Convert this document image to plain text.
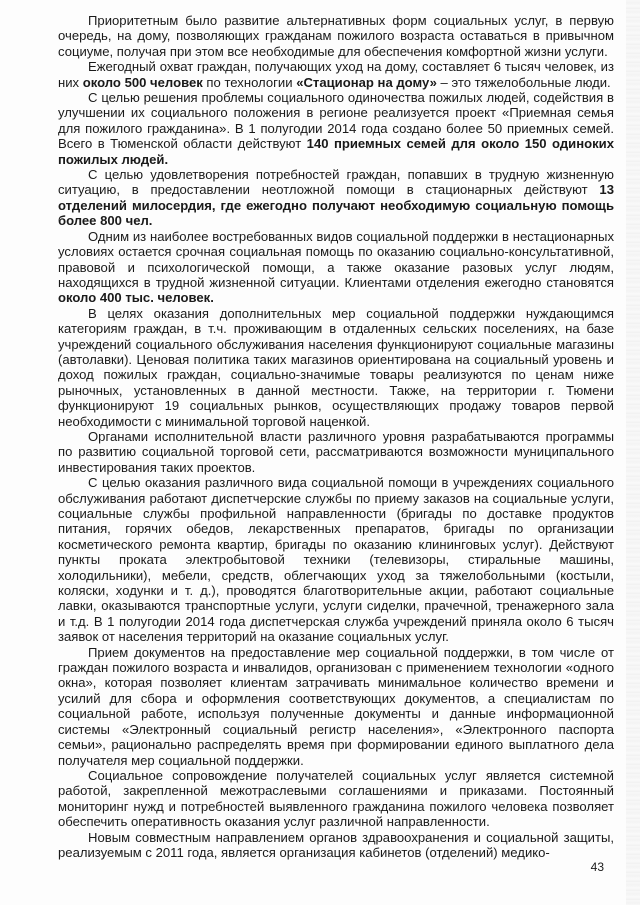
Приоритетным было развитие альтернативных форм социальных услуг, в первую очередь, на дому, позволяющих гражданам пожилого возраста оставаться в привычном социуме, получая при этом все необходимые для обеспечения комфортной жизни услуги.

Ежегодный охват граждан, получающих уход на дому, составляет 6 тысяч человек, из них около 500 человек по технологии «Стационар на дому» – это тяжелобольные люди.

С целью решения проблемы социального одиночества пожилых людей, содействия в улучшении их социального положения в регионе реализуется проект «Приемная семья для пожилого гражданина». В 1 полугодии 2014 года создано более 50 приемных семей. Всего в Тюменской области действуют 140 приемных семей для около 150 одиноких пожилых людей.

С целью удовлетворения потребностей граждан, попавших в трудную жизненную ситуацию, в предоставлении неотложной помощи в стационарных действуют 13 отделений милосердия, где ежегодно получают необходимую социальную помощь более 800 чел.

Одним из наиболее востребованных видов социальной поддержки в нестационарных условиях остается срочная социальная помощь по оказанию социально-консультативной, правовой и психологической помощи, а также оказание разовых услуг людям, находящихся в трудной жизненной ситуации. Клиентами отделения ежегодно становятся около 400 тыс. человек.

В целях оказания дополнительных мер социальной поддержки нуждающимся категориям граждан, в т.ч. проживающим в отдаленных сельских поселениях, на базе учреждений социального обслуживания населения функционируют социальные магазины (автолавки). Ценовая политика таких магазинов ориентирована на социальный уровень и доход пожилых граждан, социально-значимые товары реализуются по ценам ниже рыночных, установленных в данной местности. Также, на территории г. Тюмени функционируют 19 социальных рынков, осуществляющих продажу товаров первой необходимости с минимальной торговой наценкой.

Органами исполнительной власти различного уровня разрабатываются программы по развитию социальной торговой сети, рассматриваются возможности муниципального инвестирования таких проектов.

С целью оказания различного вида социальной помощи в учреждениях социального обслуживания работают диспетчерские службы по приему заказов на социальные услуги, социальные службы профильной направленности (бригады по доставке продуктов питания, горячих обедов, лекарственных препаратов, бригады по организации косметического ремонта квартир, бригады по оказанию клининговых услуг). Действуют пункты проката электробытовой техники (телевизоры, стиральные машины, холодильники), мебели, средств, облегчающих уход за тяжелобольными (костыли, коляски, ходунки и т. д.), проводятся благотворительные акции, работают социальные лавки, оказываются транспортные услуги, услуги сиделки, прачечной, тренажерного зала и т.д. В 1 полугодии 2014 года диспетчерская служба учреждений приняла около 6 тысяч заявок от населения территорий на оказание социальных услуг.

Прием документов на предоставление мер социальной поддержки, в том числе от граждан пожилого возраста и инвалидов, организован с применением технологии «одного окна», которая позволяет клиентам затрачивать минимальное количество времени и усилий для сбора и оформления соответствующих документов, а специалистам по социальной работе, используя полученные документы и данные информационной системы «Электронный социальный регистр населения», «Электронного паспорта семьи», рационально распределять время при формировании единого выплатного дела получателя мер социальной поддержки.

Социальное сопровождение получателей социальных услуг является системной работой, закрепленной межотраслевыми соглашениями и приказами. Постоянный мониторинг нужд и потребностей выявленного гражданина пожилого человека позволяет обеспечить оперативность оказания услуг различной направленности.

Новым совместным направлением органов здравоохранения и социальной защиты, реализуемым с 2011 года, является организация кабинетов (отделений) медико-

43
